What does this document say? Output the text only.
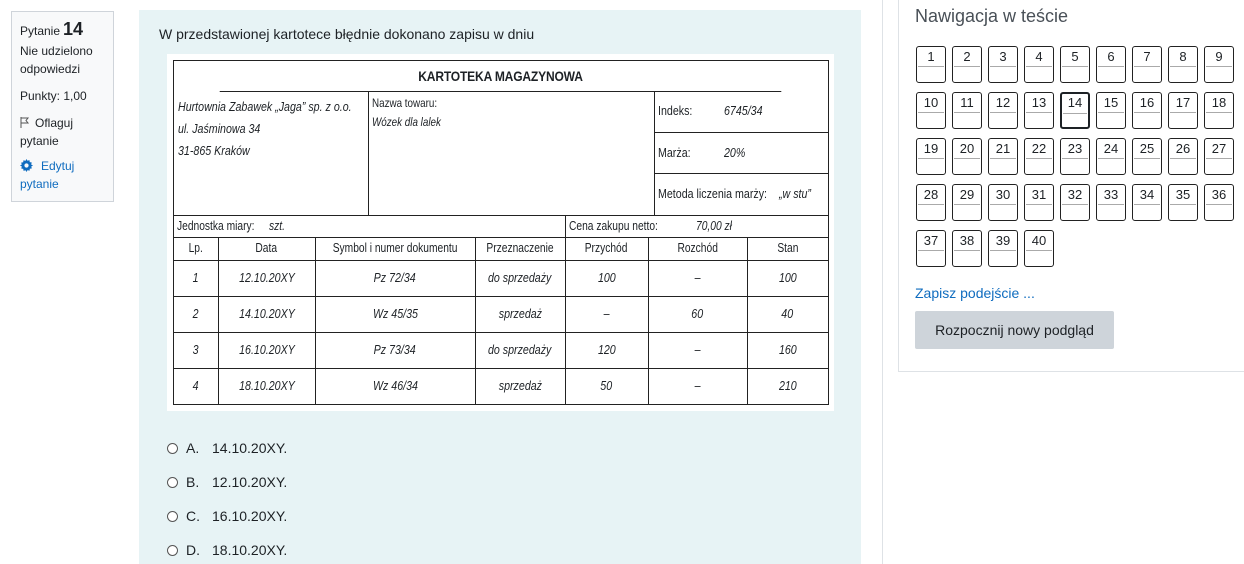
Pytanie 14
Nie udzielono odpowiedzi
Punkty: 1,00
Oflaguj pytanie
Edytuj pytanie
W przedstawionej kartotece błędnie dokonano zapisu w dniu
KARTOTEKA MAGAZYNOWA
Hurtownia Zabawek „Jaga” sp. z o.o.
ul. Jaśminowa 34
31-865 Kraków
Nazwa towaru:
Wózek dla lalek
Indeks:	6745/34
Marża:	20%
Metoda liczenia marży: „w stu”
Jednostka miary:	szt.	Cena zakupu netto:	70,00 zł
Lp.	Data	Symbol i numer dokumentu	Przeznaczenie	Przychód	Rozchód	Stan
1	12.10.20XY	Pz 72/34	do sprzedaży	100	–	100
2	14.10.20XY	Wz 45/35	sprzedaż	–	60	40
3	16.10.20XY	Pz 73/34	do sprzedaży	120	–	160
4	18.10.20XY	Wz 46/34	sprzedaż	50	–	210
A. 14.10.20XY.
B. 12.10.20XY.
C. 16.10.20XY.
D. 18.10.20XY.
Nawigacja w teście
1	2	3	4	5	6	7	8	9
10	11	12	13	14	15	16	17	18
19	20	21	22	23	24	25	26	27
28	29	30	31	32	33	34	35	36
37	38	39	40
Zapisz podejście ...
Rozpocznij nowy podgląd
